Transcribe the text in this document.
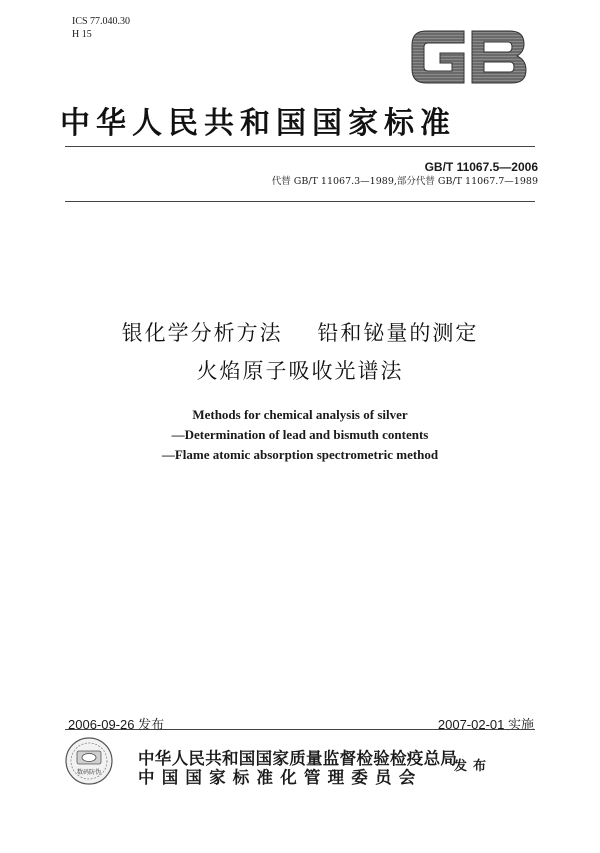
ICS 77.040.30
H 15
中华人民共和国国家标准
GB/T 11067.5—2006
代替 GB/T 11067.3—1989,部分代替 GB/T 11067.7—1989
银化学分析方法    铅和铋量的测定
火焰原子吸收光谱法
Methods for chemical analysis of silver
—Determination of lead and bismuth contents
—Flame atomic absorption spectrometric method
2006-09-26 发布	2007-02-01 实施
数码防伪
中华人民共和国国家质量监督检验检疫总局
中国国家标准化管理委员会
发布
